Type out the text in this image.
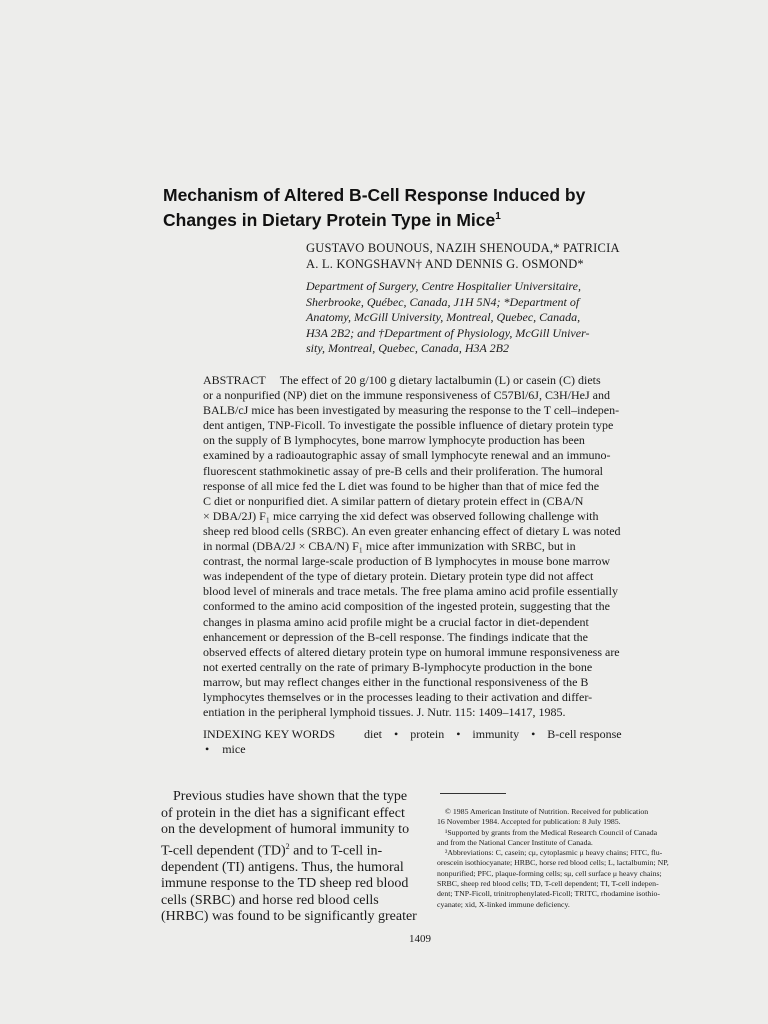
Mechanism of Altered B-Cell Response Induced by
Changes in Dietary Protein Type in Mice$^1$
GUSTAVO BOUNOUS, NAZIH SHENOUDA,* PATRICIA
A. L. KONGSHAVN† AND DENNIS G. OSMOND*
Department of Surgery, Centre Hospitalier Universitaire,
Sherbrooke, Québec, Canada, J1H 5N4; *Department of
Anatomy, McGill University, Montreal, Quebec, Canada,
H3A 2B2; and †Department of Physiology, McGill Univer-
sity, Montreal, Quebec, Canada, H3A 2B2
ABSTRACT The effect of 20 g/100 g dietary lactalbumin (L) or casein (C) diets
or a nonpurified (NP) diet on the immune responsiveness of C57Bl/6J, C3H/HeJ and
BALB/cJ mice has been investigated by measuring the response to the T cell–indepen-
dent antigen, TNP-Ficoll. To investigate the possible influence of dietary protein type
on the supply of B lymphocytes, bone marrow lymphocyte production has been
examined by a radioautographic assay of small lymphocyte renewal and an immuno-
fluorescent stathmokinetic assay of pre-B cells and their proliferation. The humoral
response of all mice fed the L diet was found to be higher than that of mice fed the
C diet or nonpurified diet. A similar pattern of dietary protein effect in (CBA/N
× DBA/2J) F₁ mice carrying the xid defect was observed following challenge with
sheep red blood cells (SRBC). An even greater enhancing effect of dietary L was noted
in normal (DBA/2J × CBA/N) F₁ mice after immunization with SRBC, but in
contrast, the normal large-scale production of B lymphocytes in mouse bone marrow
was independent of the type of dietary protein. Dietary protein type did not affect
blood level of minerals and trace metals. The free plama amino acid profile essentially
conformed to the amino acid composition of the ingested protein, suggesting that the
changes in plasma amino acid profile might be a crucial factor in diet-dependent
enhancement or depression of the B-cell response. The findings indicate that the
observed effects of altered dietary protein type on humoral immune responsiveness are
not exerted centrally on the rate of primary B-lymphocyte production in the bone
marrow, but may reflect changes either in the functional responsiveness of the B
lymphocytes themselves or in the processes leading to their activation and differ-
entiation in the peripheral lymphoid tissues. J. Nutr. 115: 1409–1417, 1985.
INDEXING KEY WORDS diet • protein • immunity • B-cell response
• mice
Previous studies have shown that the type
of protein in the diet has a significant effect
on the development of humoral immunity to
T-cell dependent (TD)$^2$ and to T-cell in-
dependent (TI) antigens. Thus, the humoral
immune response to the TD sheep red blood
cells (SRBC) and horse red blood cells
(HRBC) was found to be significantly greater
© 1985 American Institute of Nutrition. Received for publication
16 November 1984. Accepted for publication: 8 July 1985.
¹Supported by grants from the Medical Research Council of Canada
and from the National Cancer Institute of Canada.
²Abbreviations: C, casein; cμ, cytoplasmic μ heavy chains; FITC, flu-
orescein isothiocyanate; HRBC, horse red blood cells; L, lactalbumin; NP,
nonpurified; PFC, plaque-forming cells; sμ, cell surface μ heavy chains;
SRBC, sheep red blood cells; TD, T-cell dependent; TI, T-cell indepen-
dent; TNP-Ficoll, trinitrophenylated-Ficoll; TRITC, rhodamine isothio-
cyanate; xid, X-linked immune deficiency.
1409
